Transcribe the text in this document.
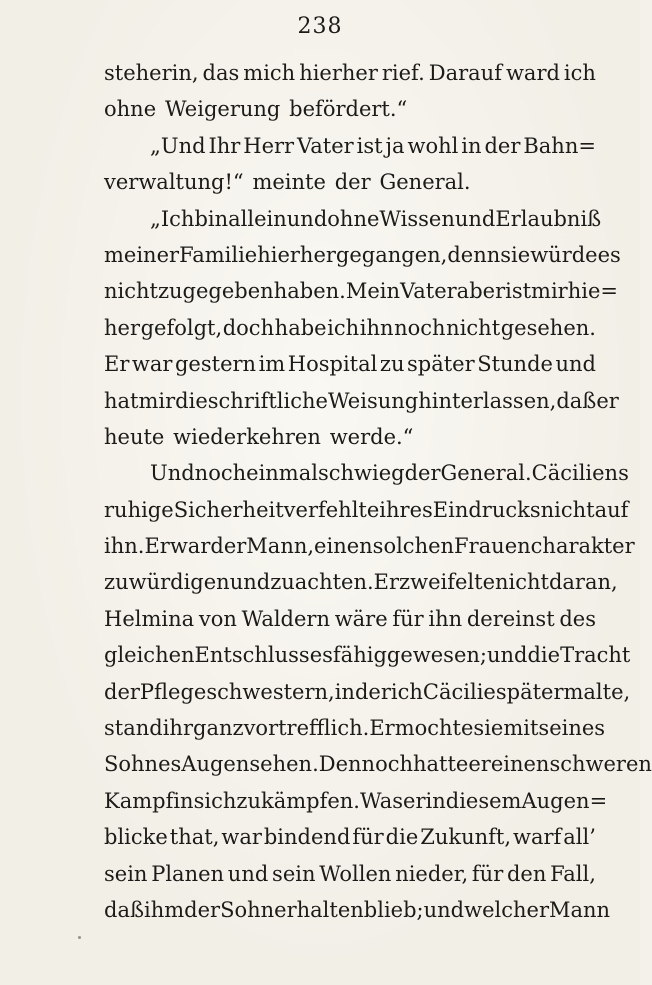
238
steherin, das mich hierher rief. Darauf ward ich
ohne Weigerung befördert.“
„Und Ihr Herr Vater ist ja wohl in der Bahn=
verwaltung!“ meinte der General.
„Ich bin allein und ohne Wissen und Erlaubniß
meiner Familie hierher gegangen, denn sie würde es
nicht zugegeben haben. Mein Vater aber ist mir hie=
her gefolgt, doch habe ich ihn noch nicht gesehen.
Er war gestern im Hospital zu später Stunde und
hat mir die schriftliche Weisung hinterlassen, daß er
heute wiederkehren werde.“
Und noch einmal schwieg der General. Cäciliens
ruhige Sicherheit verfehlte ihres Eindrucks nicht auf
ihn. Er war der Mann, einen solchen Frauencharakter
zu würdigen und zu achten. Er zweifelte nicht daran,
Helmina von Waldern wäre für ihn dereinst des
gleichen Entschlusses fähig gewesen; und die Tracht
der Pflegeschwestern, in der ich Cäcilie später malte,
stand ihr ganz vortrefflich. Er mochte sie mit seines
Sohnes Augen sehen. Dennoch hatte er einen schweren
Kampf in sich zu kämpfen. Was er in diesem Augen=
blicke that, war bindend für die Zukunft, warf all’
sein Planen und sein Wollen nieder, für den Fall,
daß ihm der Sohn erhalten blieb; und welcher Mann
